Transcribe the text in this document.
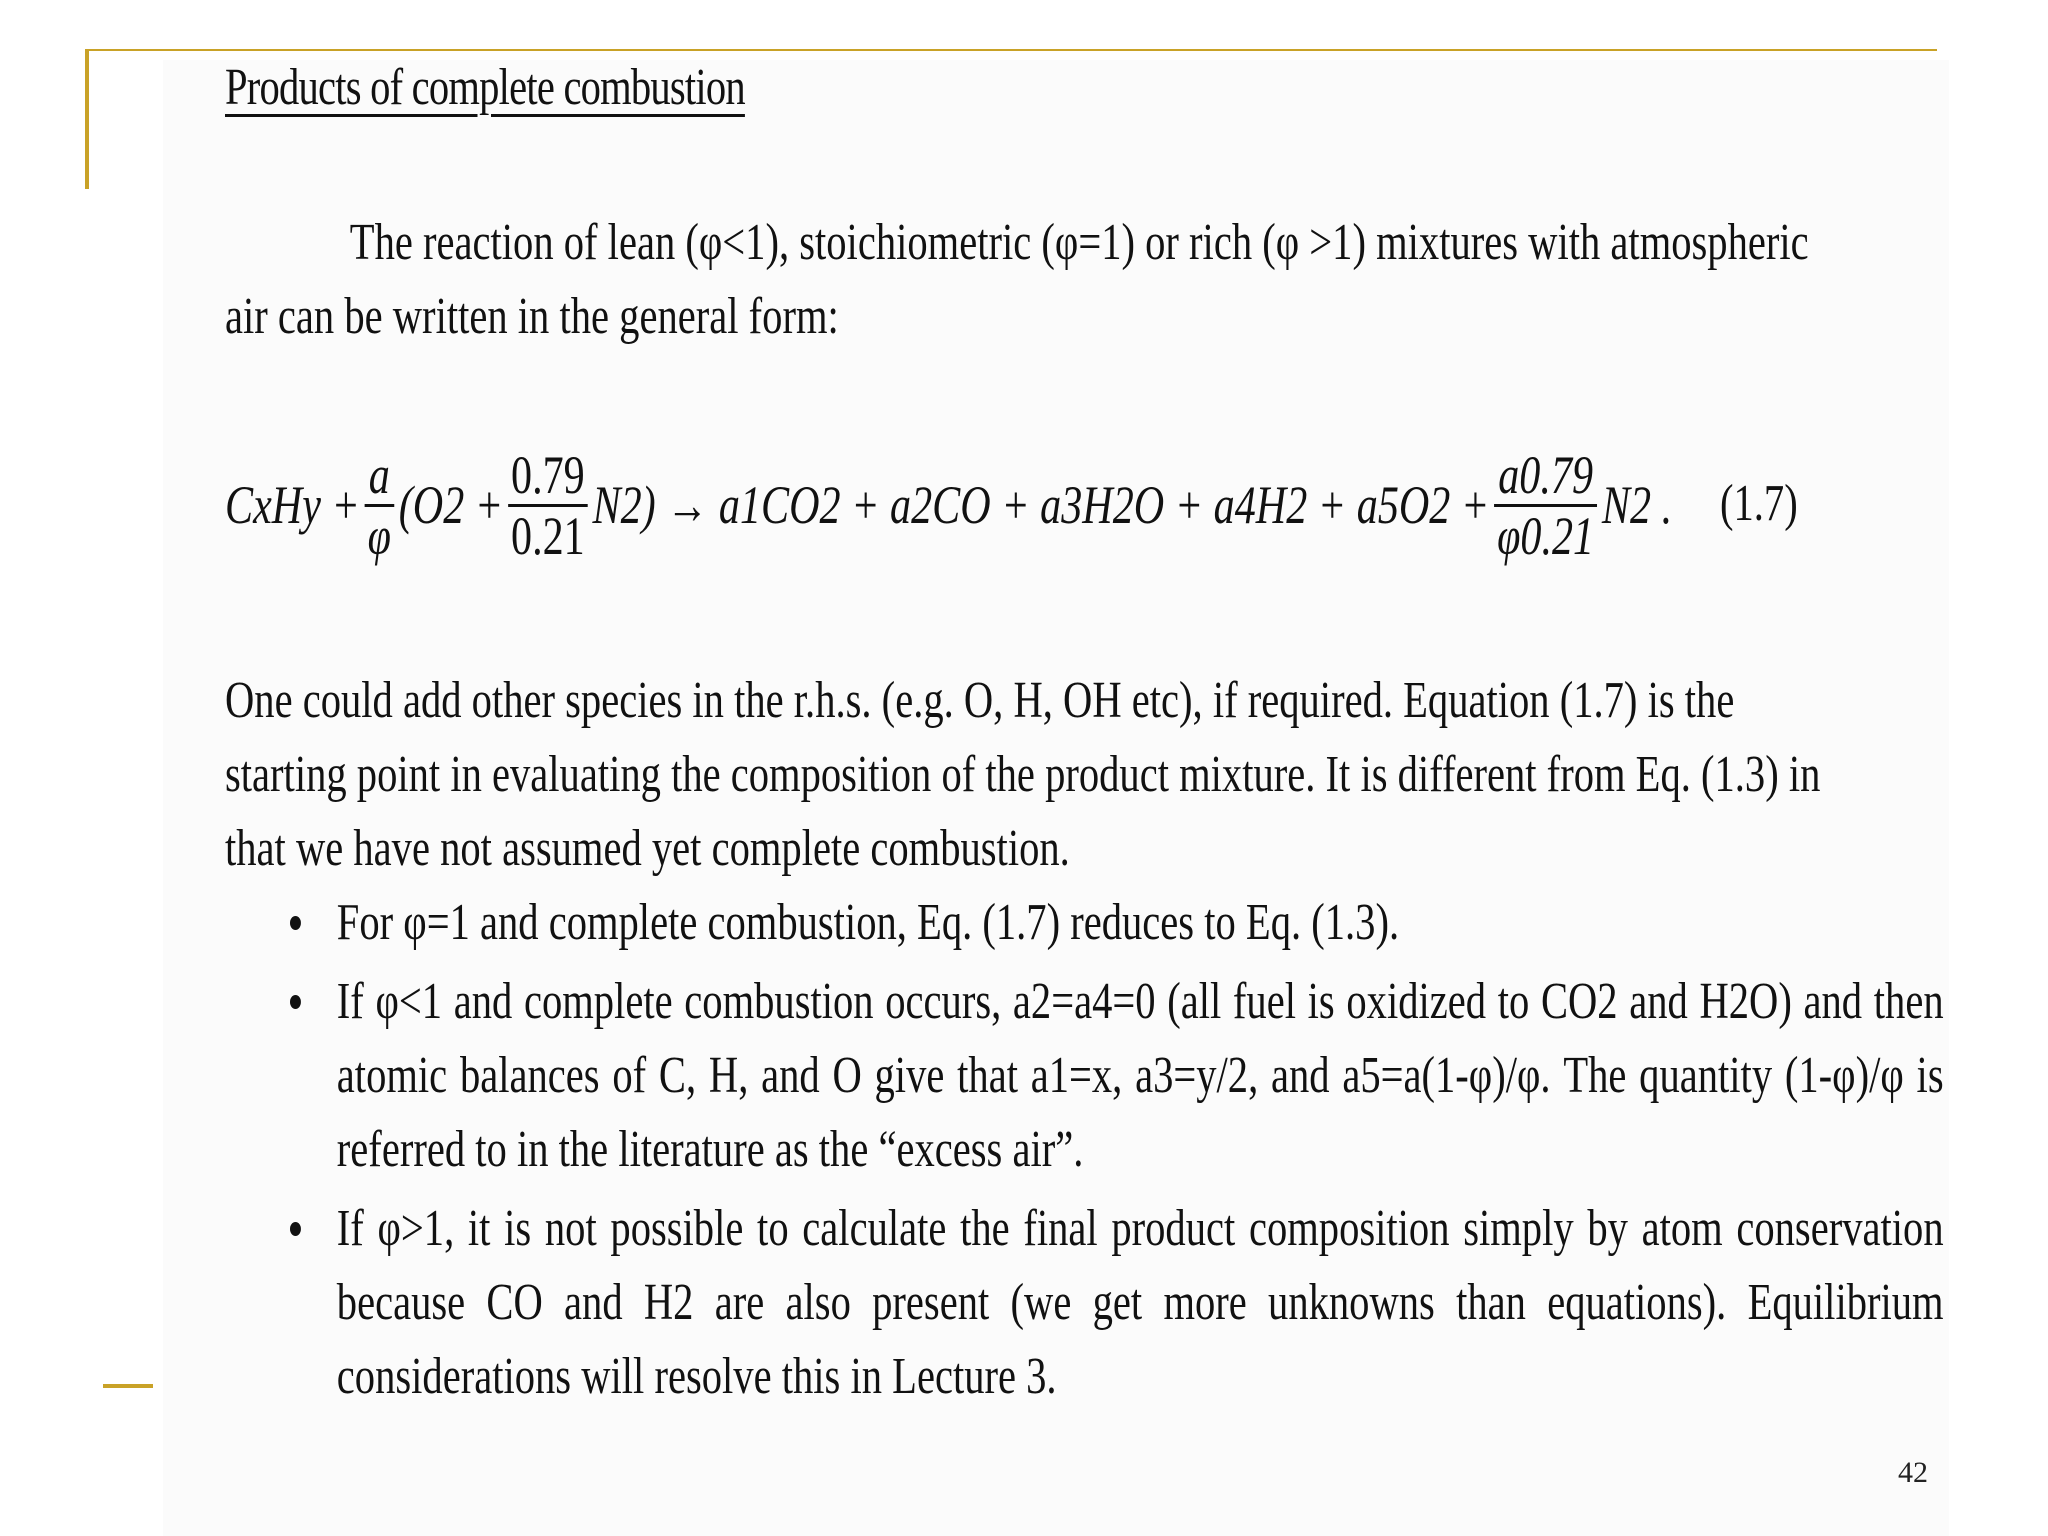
Products of complete combustion
The reaction of lean (φ<1), stoichiometric (φ=1) or rich (φ >1) mixtures with atmospheric
air can be written in the general form:
CxHy + $\frac{a}{\varphi} (O2 + \frac{0.79}{0.21} N2) \to a1CO2 + a2CO + a3H2O + a4H2 + a5O2 + \frac{a0.79}{\varphi 0.21} N2$ . (1.7)
One could add other species in the r.h.s. (e.g. O, H, OH etc), if required. Equation (1.7) is the
starting point in evaluating the composition of the product mixture. It is different from Eq. (1.3) in
that we have not assumed yet complete combustion.
For φ=1 and complete combustion, Eq. (1.7) reduces to Eq. (1.3).
If φ<1 and complete combustion occurs, a2=a4=0 (all fuel is oxidized to CO2 and H2O) and then atomic balances of C, H, and O give that a1=x, a3=y/2, and a5=a(1-φ)/φ. The quantity (1-φ)/φ is referred to in the literature as the “excess air”.
If φ>1, it is not possible to calculate the final product composition simply by atom conservation because CO and H2 are also present (we get more unknowns than equations). Equilibrium considerations will resolve this in Lecture 3.
42
